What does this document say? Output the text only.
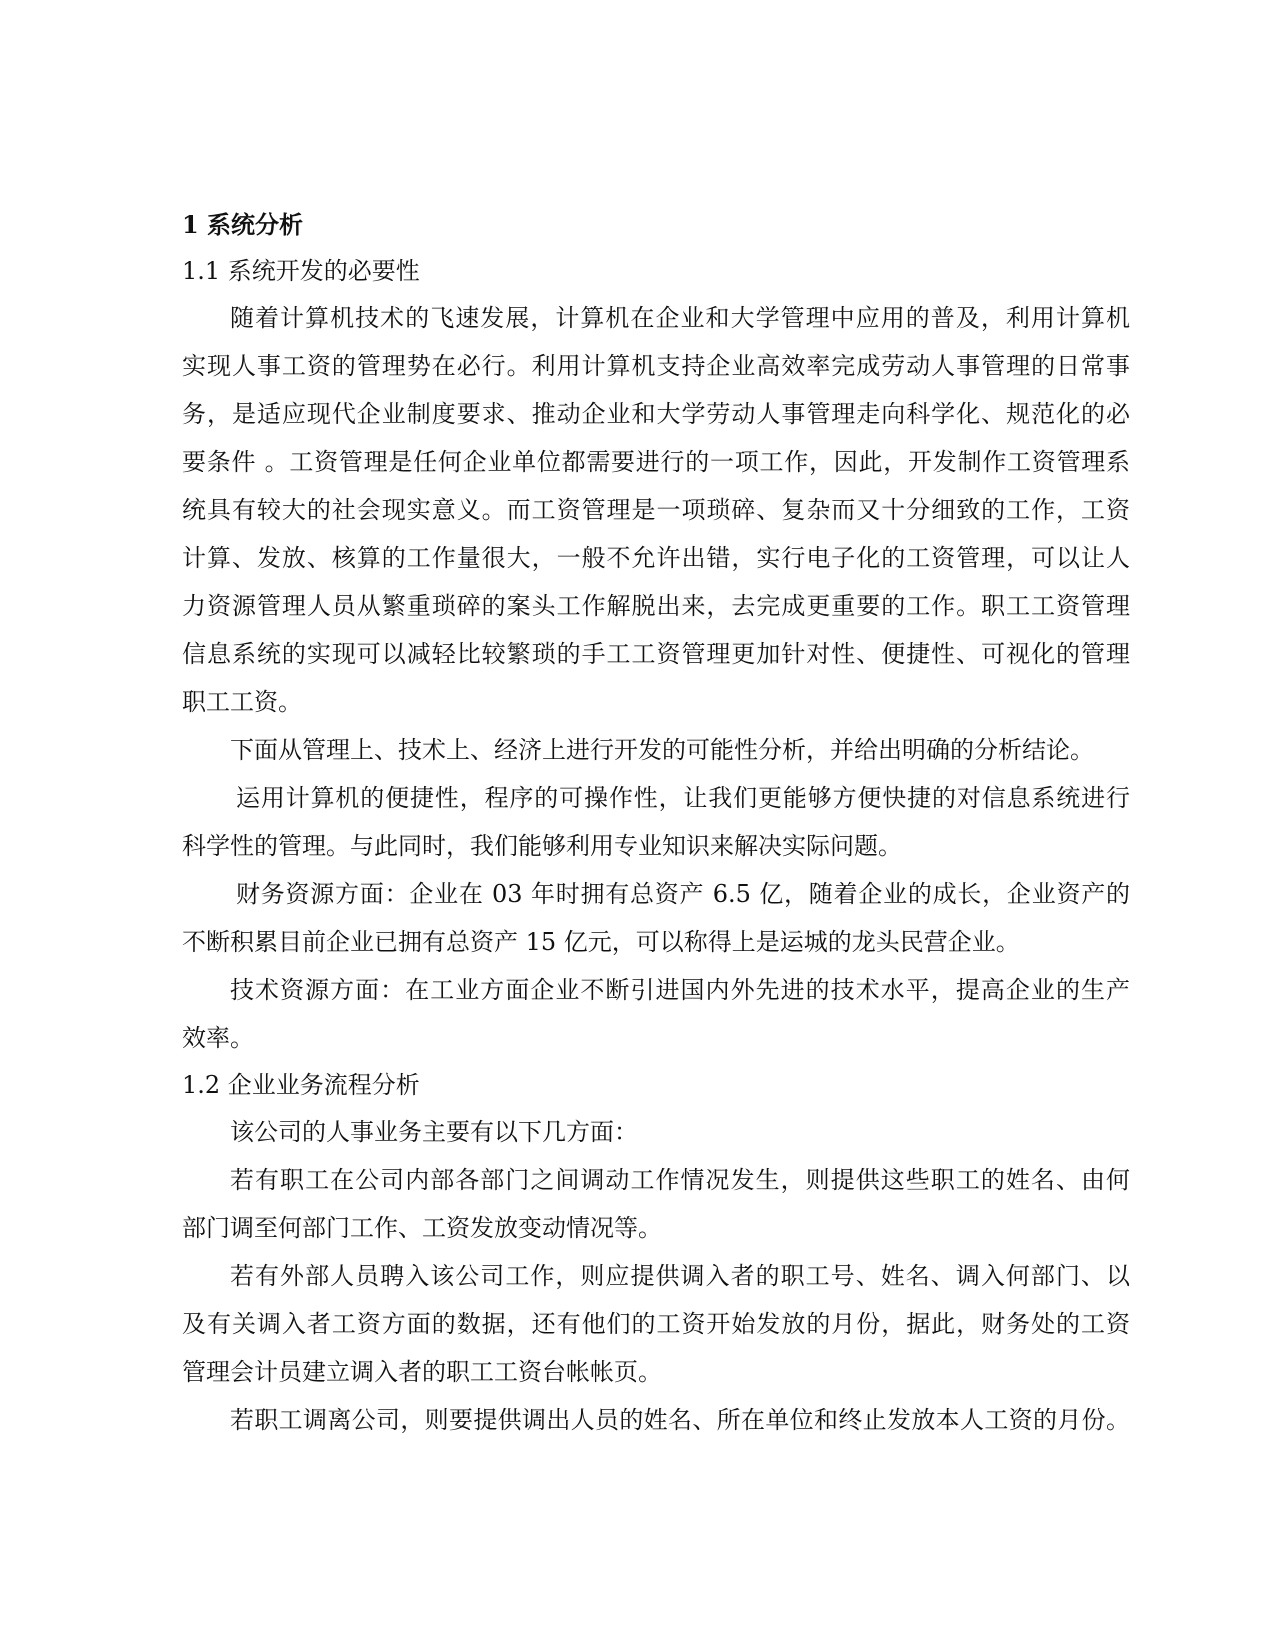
1 系统分析
1.1 系统开发的必要性
随着计算机技术的飞速发展，计算机在企业和大学管理中应用的普及，利用计算机
实现人事工资的管理势在必行。利用计算机支持企业高效率完成劳动人事管理的日常事
务，是适应现代企业制度要求、推动企业和大学劳动人事管理走向科学化、规范化的必
要条件 。工资管理是任何企业单位都需要进行的一项工作，因此，开发制作工资管理系
统具有较大的社会现实意义。而工资管理是一项琐碎、复杂而又十分细致的工作，工资
计算、发放、核算的工作量很大，一般不允许出错，实行电子化的工资管理，可以让人
力资源管理人员从繁重琐碎的案头工作解脱出来，去完成更重要的工作。职工工资管理
信息系统的实现可以减轻比较繁琐的手工工资管理更加针对性、便捷性、可视化的管理
职工工资。
下面从管理上、技术上、经济上进行开发的可能性分析，并给出明确的分析结论。
运用计算机的便捷性，程序的可操作性，让我们更能够方便快捷的对信息系统进行
科学性的管理。与此同时，我们能够利用专业知识来解决实际问题。
财务资源方面：企业在 03 年时拥有总资产 6.5 亿，随着企业的成长，企业资产的
不断积累目前企业已拥有总资产 15 亿元，可以称得上是运城的龙头民营企业。
技术资源方面：在工业方面企业不断引进国内外先进的技术水平，提高企业的生产
效率。
1.2 企业业务流程分析
该公司的人事业务主要有以下几方面：
若有职工在公司内部各部门之间调动工作情况发生，则提供这些职工的姓名、由何
部门调至何部门工作、工资发放变动情况等。
若有外部人员聘入该公司工作，则应提供调入者的职工号、姓名、调入何部门、以
及有关调入者工资方面的数据，还有他们的工资开始发放的月份，据此，财务处的工资
管理会计员建立调入者的职工工资台帐帐页。
若职工调离公司，则要提供调出人员的姓名、所在单位和终止发放本人工资的月份。
